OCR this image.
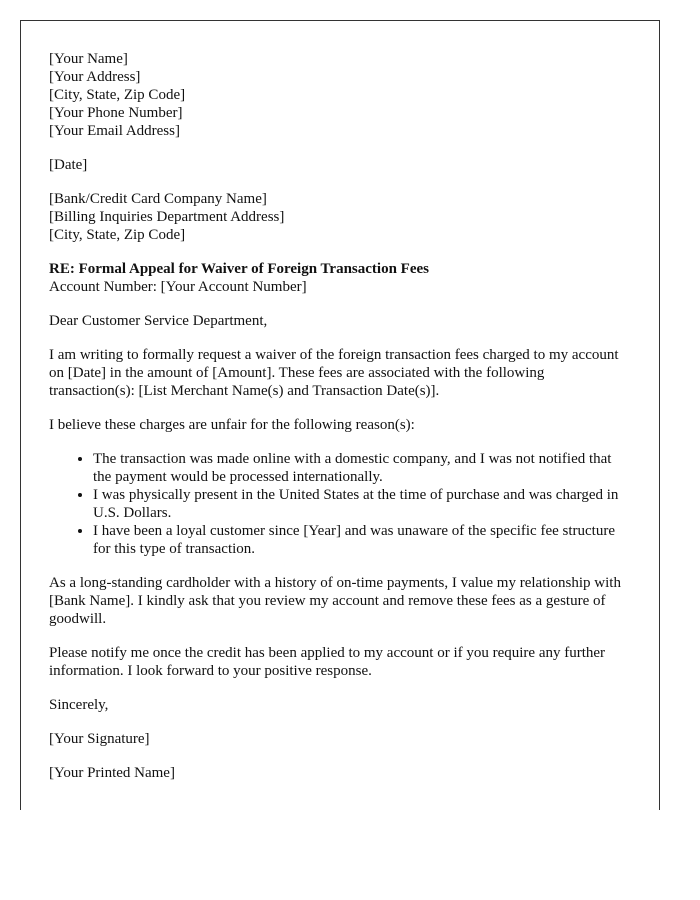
[Your Name]
[Your Address]
[City, State, Zip Code]
[Your Phone Number]
[Your Email Address]

[Date]

[Bank/Credit Card Company Name]
[Billing Inquiries Department Address]
[City, State, Zip Code]

RE: Formal Appeal for Waiver of Foreign Transaction Fees
Account Number: [Your Account Number]

Dear Customer Service Department,

I am writing to formally request a waiver of the foreign transaction fees charged to my account on [Date] in the amount of [Amount]. These fees are associated with the following transaction(s): [List Merchant Name(s) and Transaction Date(s)].

I believe these charges are unfair for the following reason(s):

• The transaction was made online with a domestic company, and I was not notified that the payment would be processed internationally.
• I was physically present in the United States at the time of purchase and was charged in U.S. Dollars.
• I have been a loyal customer since [Year] and was unaware of the specific fee structure for this type of transaction.

As a long-standing cardholder with a history of on-time payments, I value my relationship with [Bank Name]. I kindly ask that you review my account and remove these fees as a gesture of goodwill.

Please notify me once the credit has been applied to my account or if you require any further information. I look forward to your positive response.

Sincerely,

[Your Signature]

[Your Printed Name]
